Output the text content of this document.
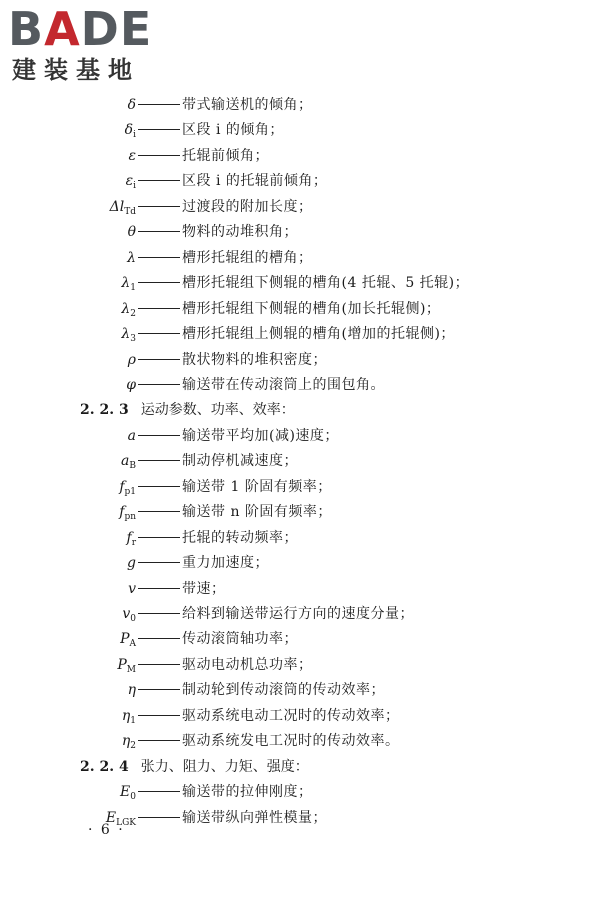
BADE
建装基地
δ	带式输送机的倾角；
$\delta_i$	区段 i 的倾角；
ε	托辊前倾角；
$\varepsilon_i$	区段 i 的托辊前倾角；
$\Delta l_{Td}$	过渡段的附加长度；
θ	物料的动堆积角；
λ	槽形托辊组的槽角；
$\lambda_1$	槽形托辊组下侧辊的槽角(4 托辊、5 托辊)；
$\lambda_2$	槽形托辊组下侧辊的槽角(加长托辊侧)；
$\lambda_3$	槽形托辊组上侧辊的槽角(增加的托辊侧)；
ρ	散状物料的堆积密度；
φ	输送带在传动滚筒上的围包角。
2. 2. 3 运动参数、功率、效率：
a	输送带平均加(减)速度；
$a_B$	制动停机减速度；
$f_{p1}$	输送带 1 阶固有频率；
$f_{pn}$	输送带 n 阶固有频率；
$f_r$	托辊的转动频率；
g	重力加速度；
v	带速；
$v_0$	给料到输送带运行方向的速度分量；
$P_A$	传动滚筒轴功率；
$P_M$	驱动电动机总功率；
η	制动轮到传动滚筒的传动效率；
$\eta_1$	驱动系统电动工况时的传动效率；
$\eta_2$	驱动系统发电工况时的传动效率。
2. 2. 4 张力、阻力、力矩、强度：
$E_0$	输送带的拉伸刚度；
$E_{LGK}$	输送带纵向弹性模量；
· 6 ·
